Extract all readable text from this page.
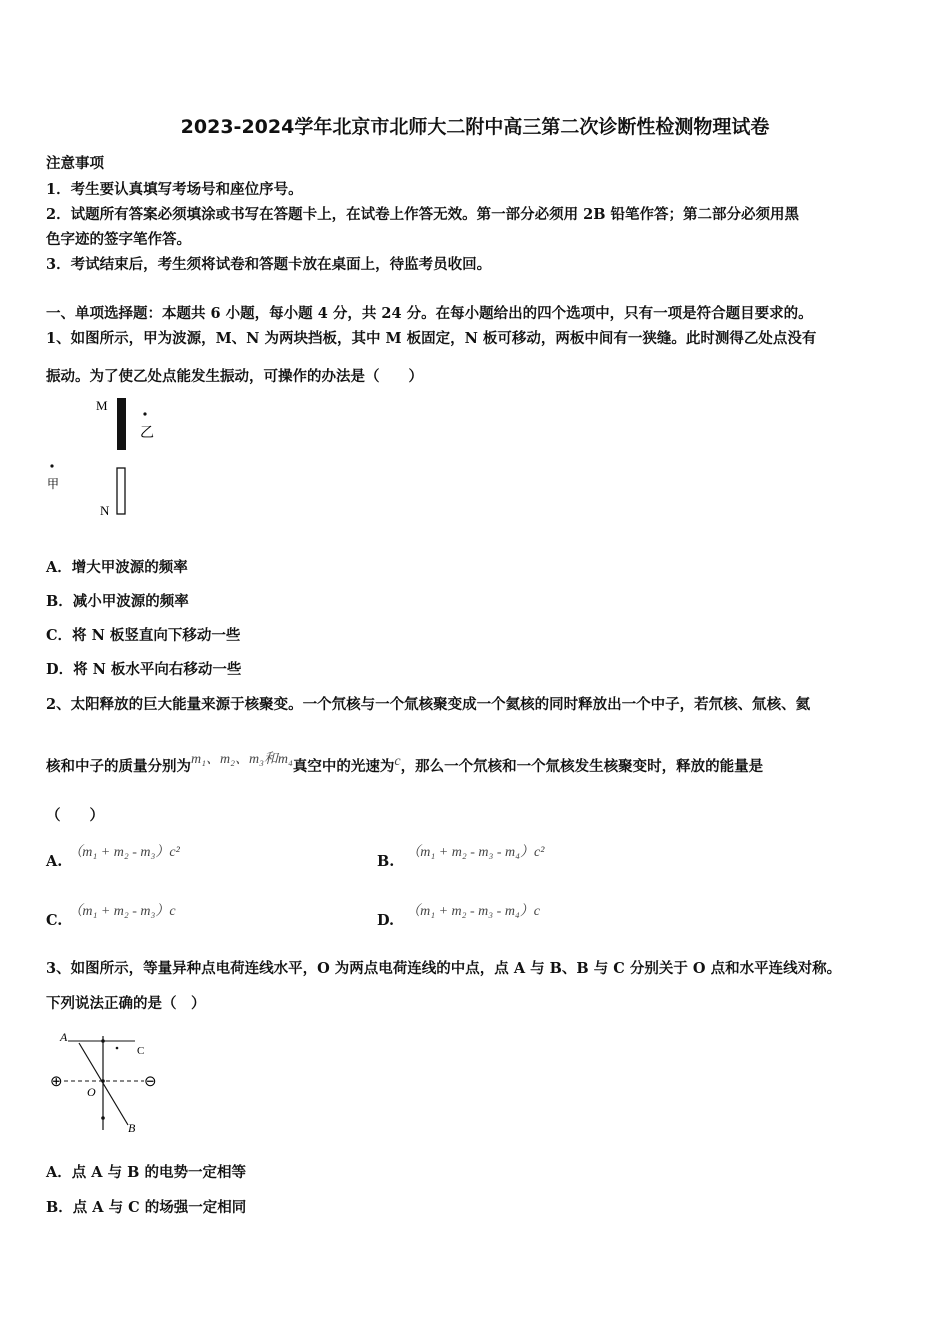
2023-2024学年北京市北师大二附中高三第二次诊断性检测物理试卷
注意事项
1．考生要认真填写考场号和座位序号。
2．试题所有答案必须填涂或书写在答题卡上，在试卷上作答无效。第一部分必须用 2B 铅笔作答；第二部分必须用黑
色字迹的签字笔作答。
3．考试结束后，考生须将试卷和答题卡放在桌面上，待监考员收回。
一、单项选择题：本题共 6 小题，每小题 4 分，共 24 分。在每小题给出的四个选项中，只有一项是符合题目要求的。
1、如图所示，甲为波源，M、N 为两块挡板，其中 M 板固定，N 板可移动，两板中间有一狭缝。此时测得乙处点没有
振动。为了使乙处点能发生振动，可操作的办法是（　　）
M
乙
甲
N
A．增大甲波源的频率
B．减小甲波源的频率
C．将 N 板竖直向下移动一些
D．将 N 板水平向右移动一些
2、太阳释放的巨大能量来源于核聚变。一个氘核与一个氚核聚变成一个氦核的同时释放出一个中子，若氘核、氚核、氦
核和中子的质量分别为m₁、m₂、m₃和m₄真空中的光速为c，那么一个氘核和一个氚核发生核聚变时，释放的能量是
（　　）
A.（m₁ + m₂ - m₃）c²
B.（m₁ + m₂ - m₃ - m₄）c²
C.（m₁ + m₂ - m₃）c
D.（m₁ + m₂ - m₃ - m₄）c
3、如图所示，等量异种点电荷连线水平，O 为两点电荷连线的中点，点 A 与 B、B 与 C 分别关于 O 点和水平连线对称。
下列说法正确的是（　）
⊕	⊖
A
C
O
B
A．点 A 与 B 的电势一定相等
B．点 A 与 C 的场强一定相同
